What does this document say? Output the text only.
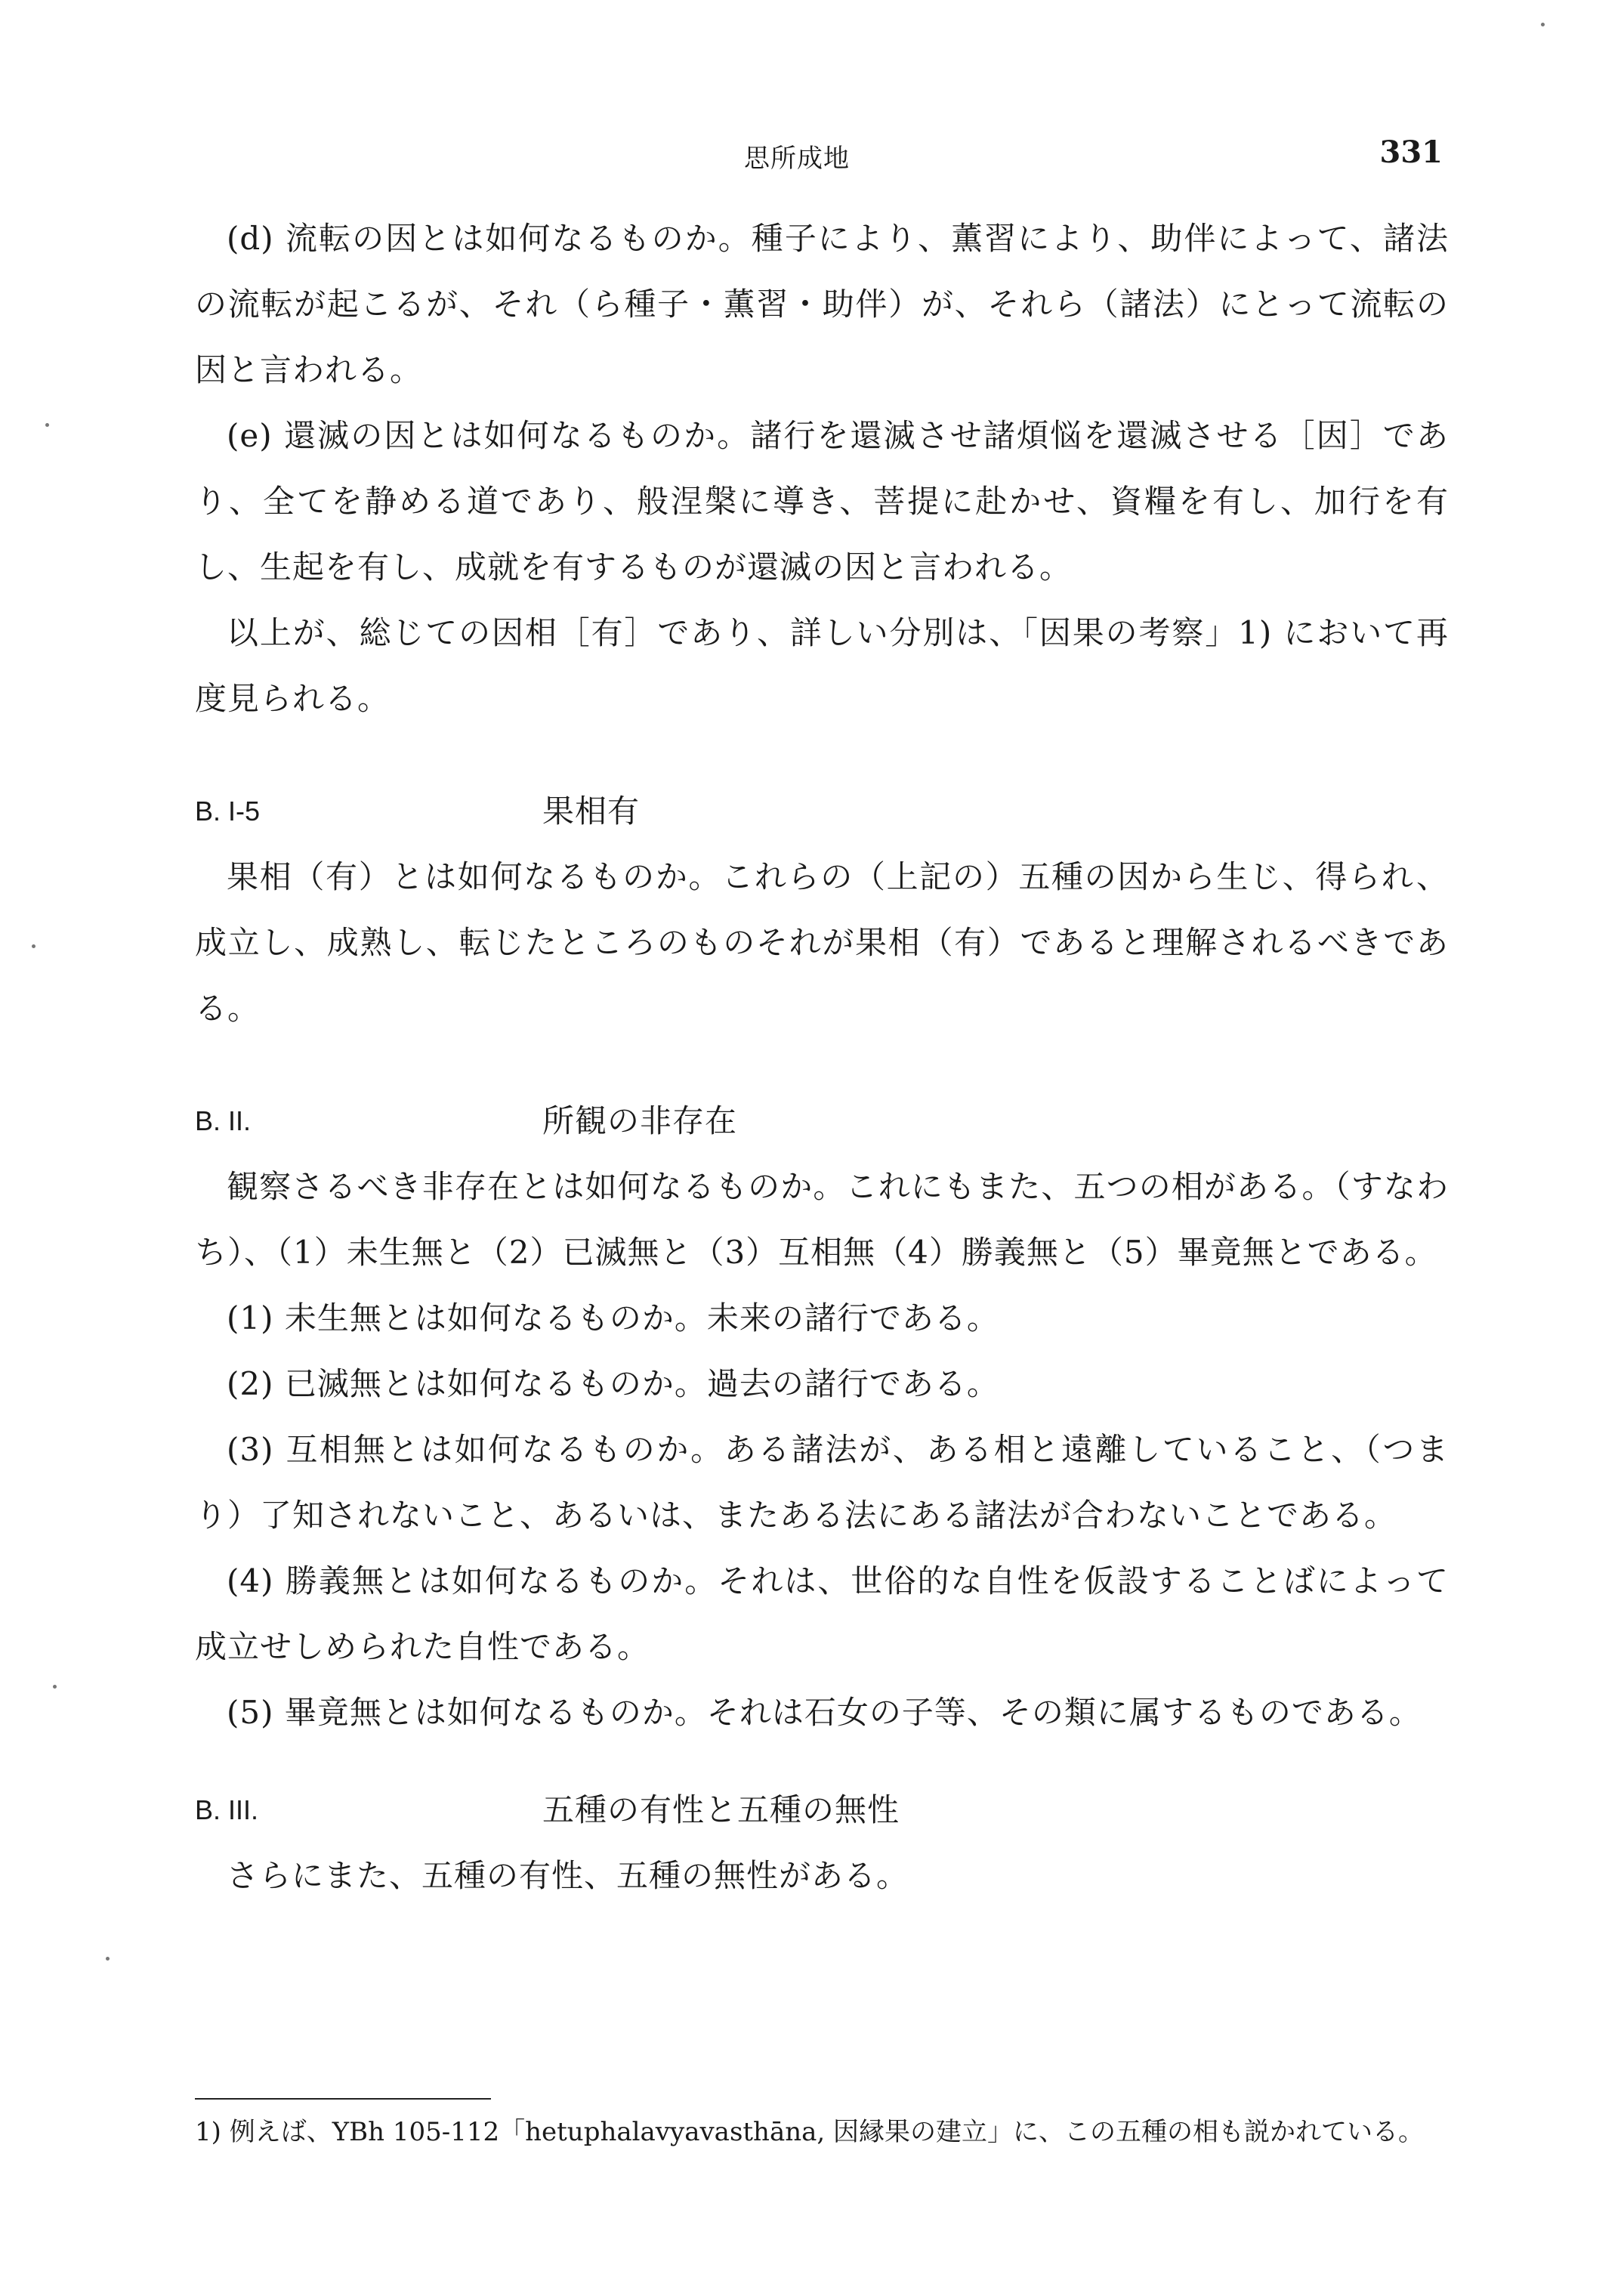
思所成地	331

(d) 流転の因とは如何なるものか。種子により、薫習により、助伴によって、諸法の流転が起こるが、それ（ら種子・薫習・助伴）が、それら（諸法）にとって流転の因と言われる。

(e) 還滅の因とは如何なるものか。諸行を還滅させ諸煩悩を還滅させる［因］であり、全てを静める道であり、般涅槃に導き、菩提に赴かせ、資糧を有し、加行を有し、生起を有し、成就を有するものが還滅の因と言われる。

以上が、総じての因相［有］であり、詳しい分別は、「因果の考察」1) において再度見られる。

B. I-5	果相有

果相（有）とは如何なるものか。これらの（上記の）五種の因から生じ、得られ、成立し、成熟し、転じたところのものそれが果相（有）であると理解されるべきである。

B. II.	所観の非存在

観察さるべき非存在とは如何なるものか。これにもまた、五つの相がある。（すなわち）、（1）未生無と（2）已滅無と（3）互相無（4）勝義無と（5）畢竟無とである。

(1) 未生無とは如何なるものか。未来の諸行である。

(2) 已滅無とは如何なるものか。過去の諸行である。

(3) 互相無とは如何なるものか。ある諸法が、ある相と遠離していること、（つまり）了知されないこと、あるいは、またある法にある諸法が合わないことである。

(4) 勝義無とは如何なるものか。それは、世俗的な自性を仮設することばによって成立せしめられた自性である。

(5) 畢竟無とは如何なるものか。それは石女の子等、その類に属するものである。

B. III.	五種の有性と五種の無性

さらにまた、五種の有性、五種の無性がある。

1) 例えば、YBh 105-112「hetuphalavyavasthāna, 因縁果の建立」に、この五種の相も説かれている。
